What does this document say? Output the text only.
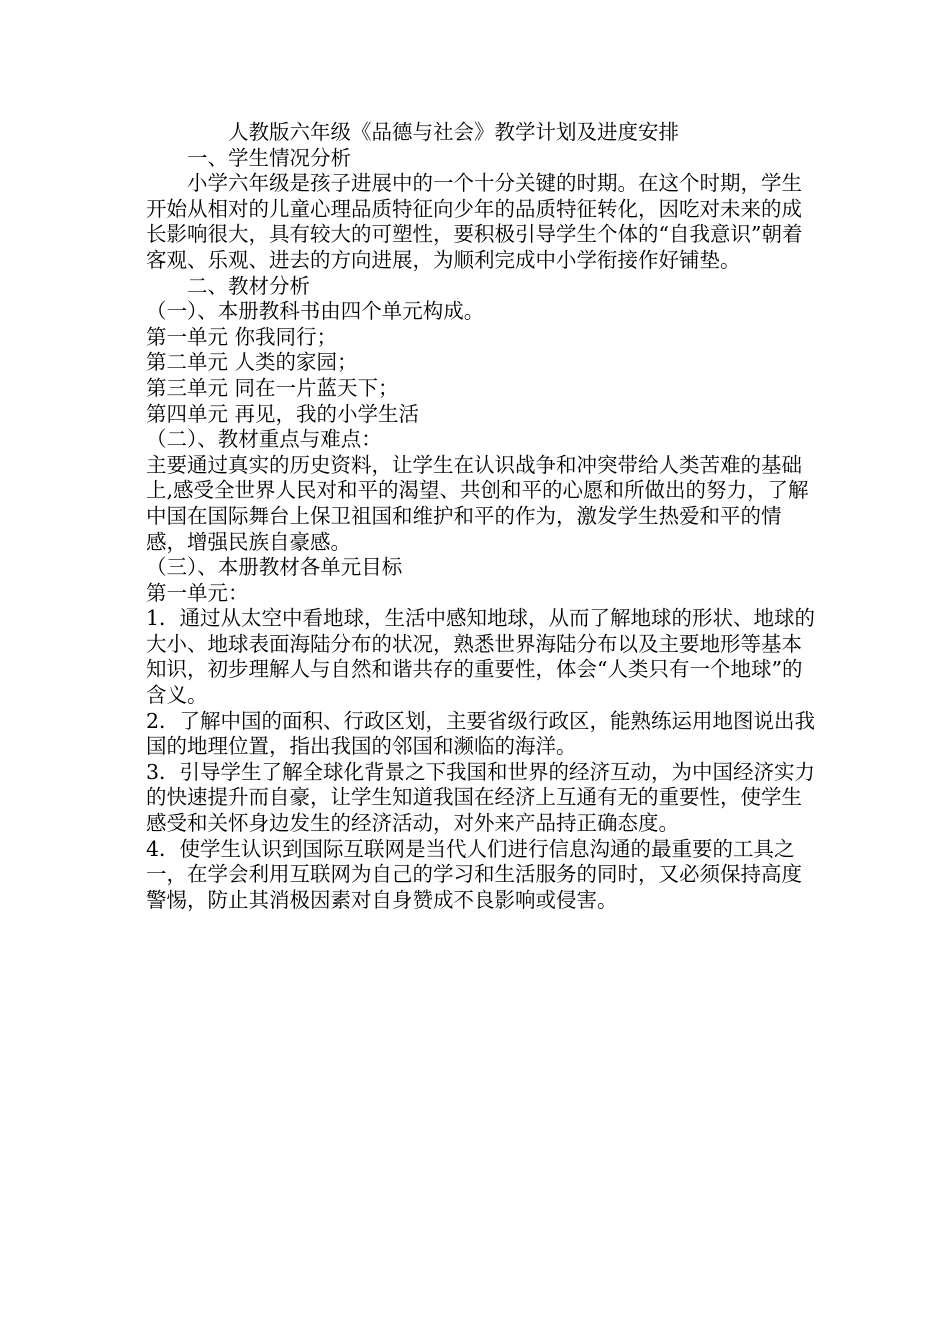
人教版六年级《品德与社会》教学计划及进度安排

一、学生情况分析

小学六年级是孩子进展中的一个十分关键的时期。在这个时期，学生开始从相对的儿童心理品质特征向少年的品质特征转化，因吃对未来的成长影响很大，具有较大的可塑性，要积极引导学生个体的“自我意识”朝着客观、乐观、进去的方向进展，为顺利完成中小学衔接作好铺垫。

二、教材分析

（一）、本册教科书由四个单元构成。

第一单元 你我同行；

第二单元 人类的家园；

第三单元 同在一片蓝天下；

第四单元 再见，我的小学生活

（二）、教材重点与难点：

主要通过真实的历史资料，让学生在认识战争和冲突带给人类苦难的基础上,感受全世界人民对和平的渴望、共创和平的心愿和所做出的努力，了解中国在国际舞台上保卫祖国和维护和平的作为，激发学生热爱和平的情感，增强民族自豪感。

（三）、本册教材各单元目标

第一单元：

1．通过从太空中看地球，生活中感知地球，从而了解地球的形状、地球的大小、地球表面海陆分布的状况，熟悉世界海陆分布以及主要地形等基本知识，初步理解人与自然和谐共存的重要性，体会“人类只有一个地球”的含义。

2．了解中国的面积、行政区划，主要省级行政区，能熟练运用地图说出我国的地理位置，指出我国的邻国和濒临的海洋。

3．引导学生了解全球化背景之下我国和世界的经济互动，为中国经济实力的快速提升而自豪，让学生知道我国在经济上互通有无的重要性，使学生感受和关怀身边发生的经济活动，对外来产品持正确态度。

4．使学生认识到国际互联网是当代人们进行信息沟通的最重要的工具之一，在学会利用互联网为自己的学习和生活服务的同时，又必须保持高度警惕，防止其消极因素对自身赞成不良影响或侵害。
